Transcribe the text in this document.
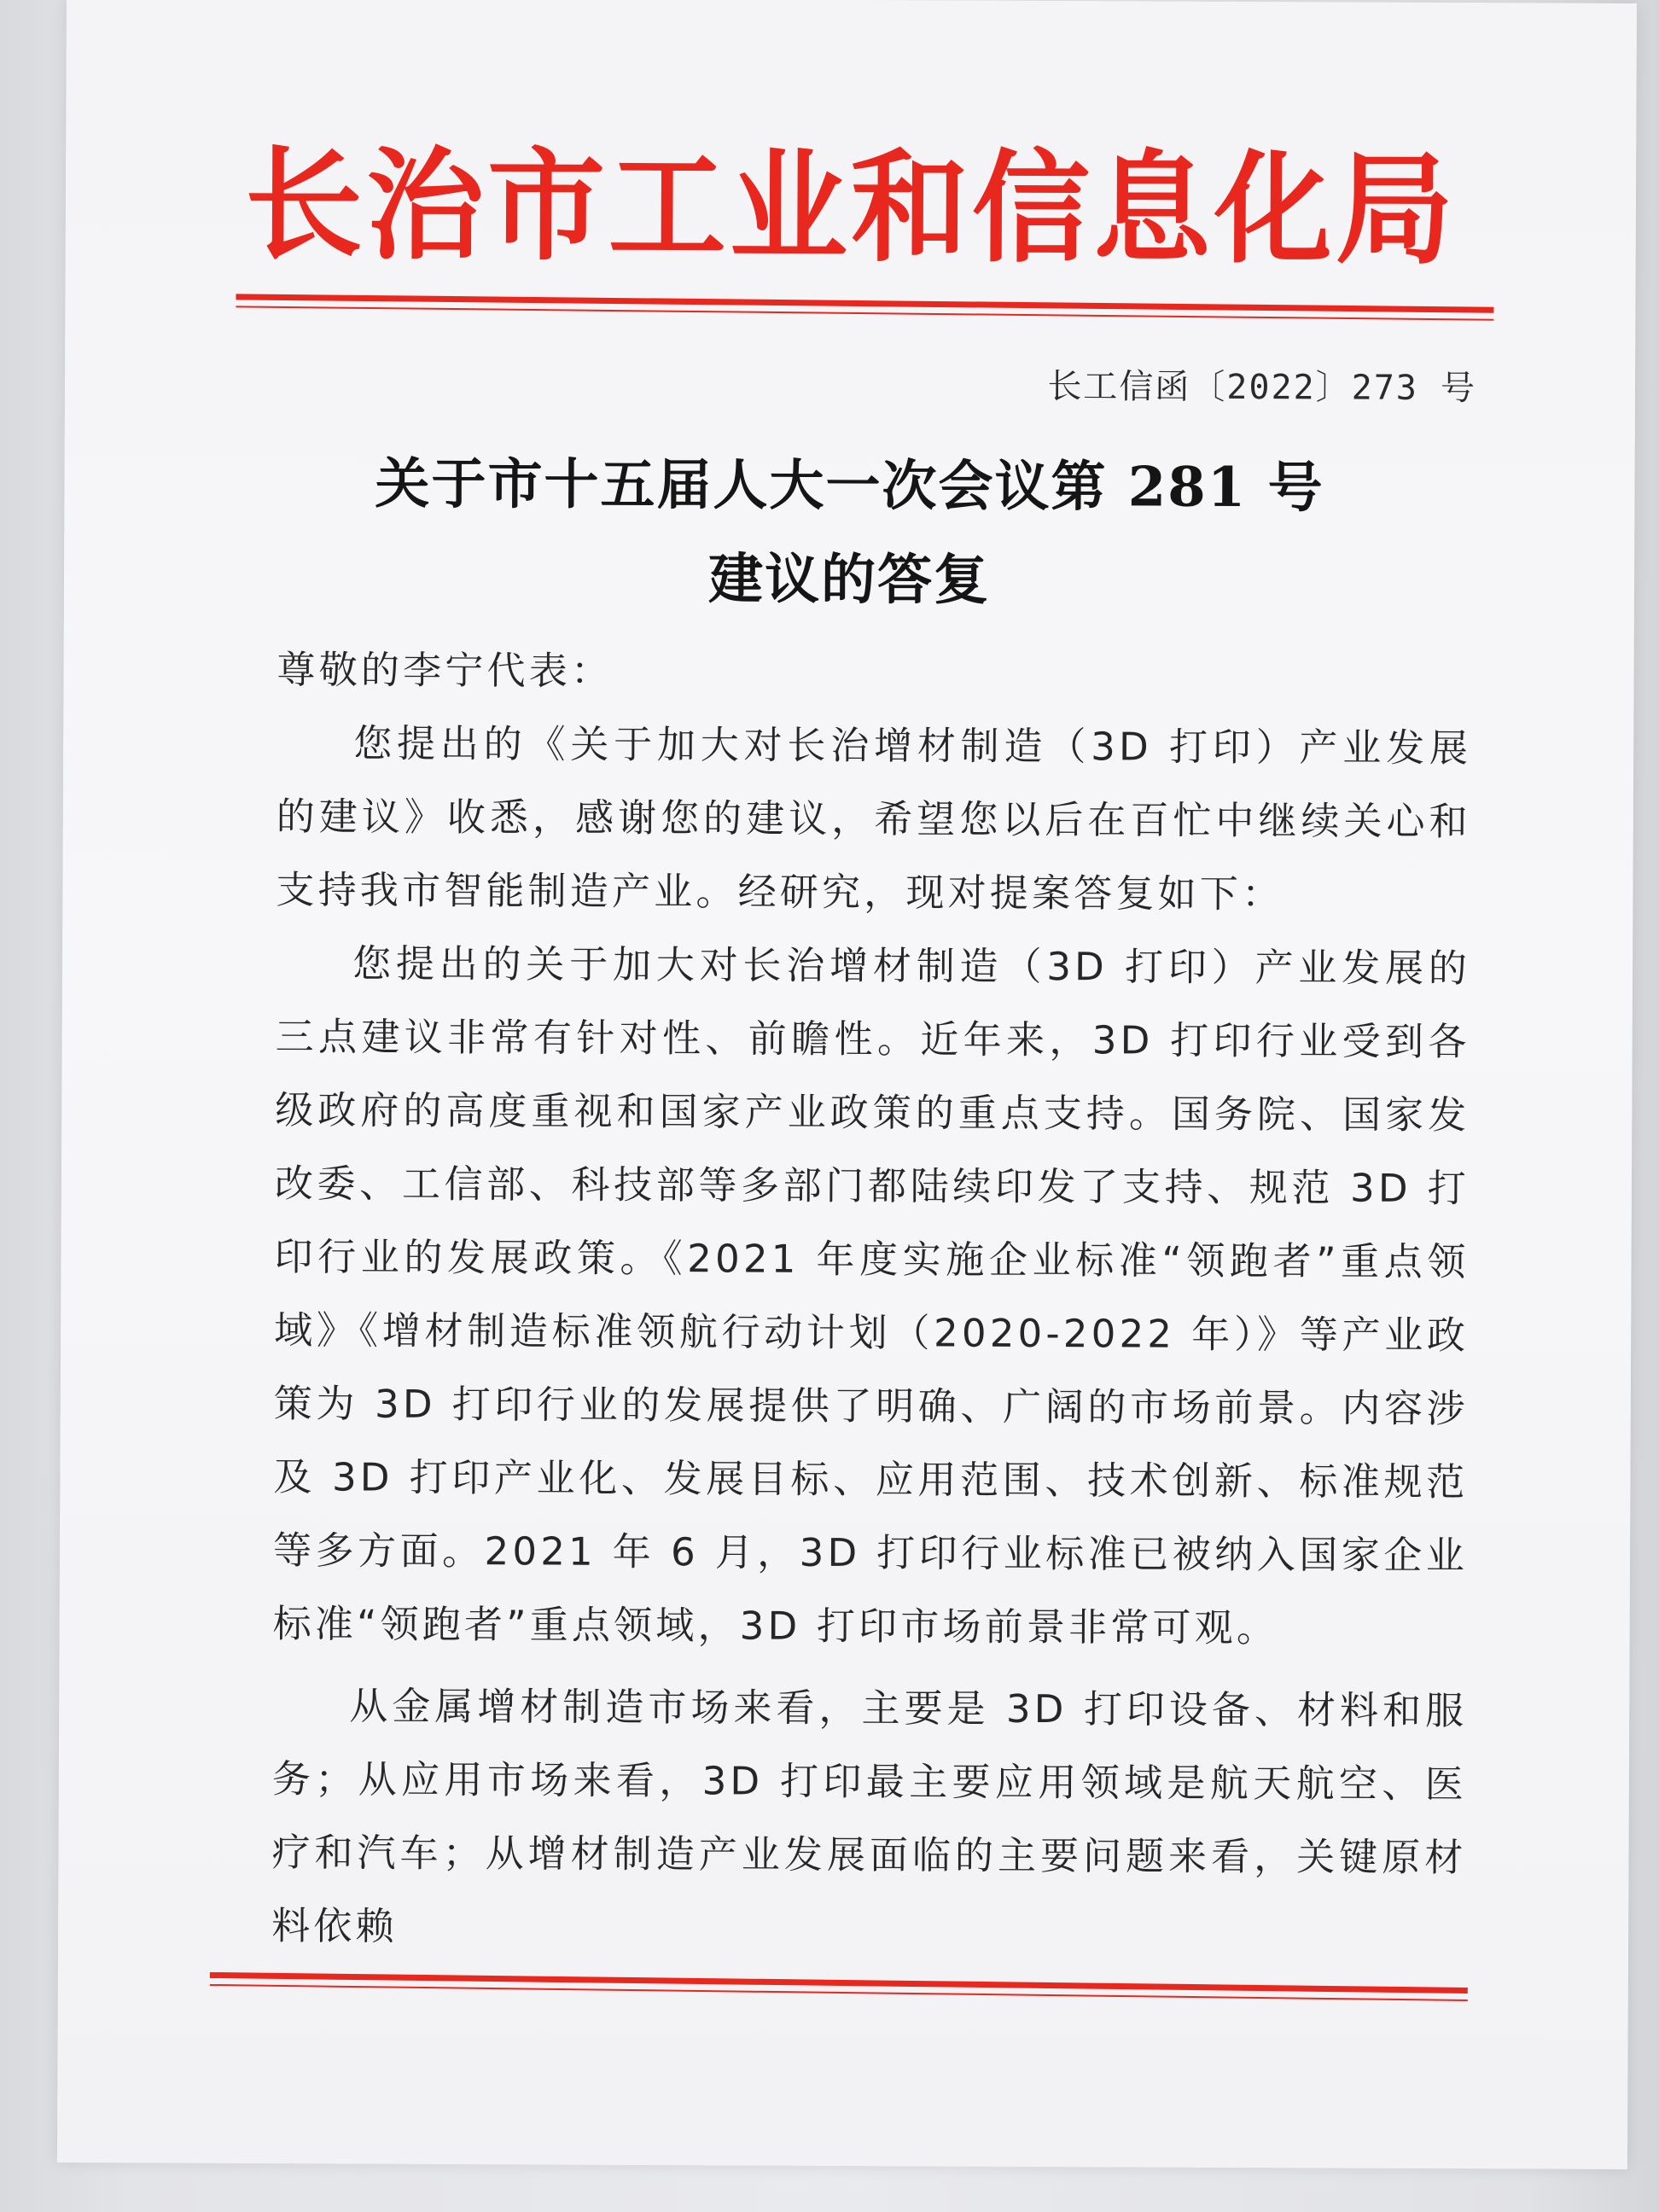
长治市工业和信息化局
长工信函〔2022〕273 号
关于市十五届人大一次会议第 281 号
建议的答复

尊敬的李宁代表：

您提出的《关于加大对长治增材制造（3D 打印）产业发展的建议》收悉，感谢您的建议，希望您以后在百忙中继续关心和支持我市智能制造产业。经研究，现对提案答复如下：

您提出的关于加大对长治增材制造（3D 打印）产业发展的三点建议非常有针对性、前瞻性。近年来，3D 打印行业受到各级政府的高度重视和国家产业政策的重点支持。国务院、国家发改委、工信部、科技部等多部门都陆续印发了支持、规范 3D 打印行业的发展政策。《2021 年度实施企业标准“领跑者”重点领域》《增材制造标准领航行动计划（2020-2022 年）》等产业政策为 3D 打印行业的发展提供了明确、广阔的市场前景。内容涉及 3D 打印产业化、发展目标、应用范围、技术创新、标准规范等多方面。2021 年 6 月，3D 打印行业标准已被纳入国家企业标准“领跑者”重点领域，3D 打印市场前景非常可观。

从金属增材制造市场来看，主要是 3D 打印设备、材料和服务；从应用市场来看，3D 打印最主要应用领域是航天航空、医疗和汽车；从增材制造产业发展面临的主要问题来看，关键原材料依赖
